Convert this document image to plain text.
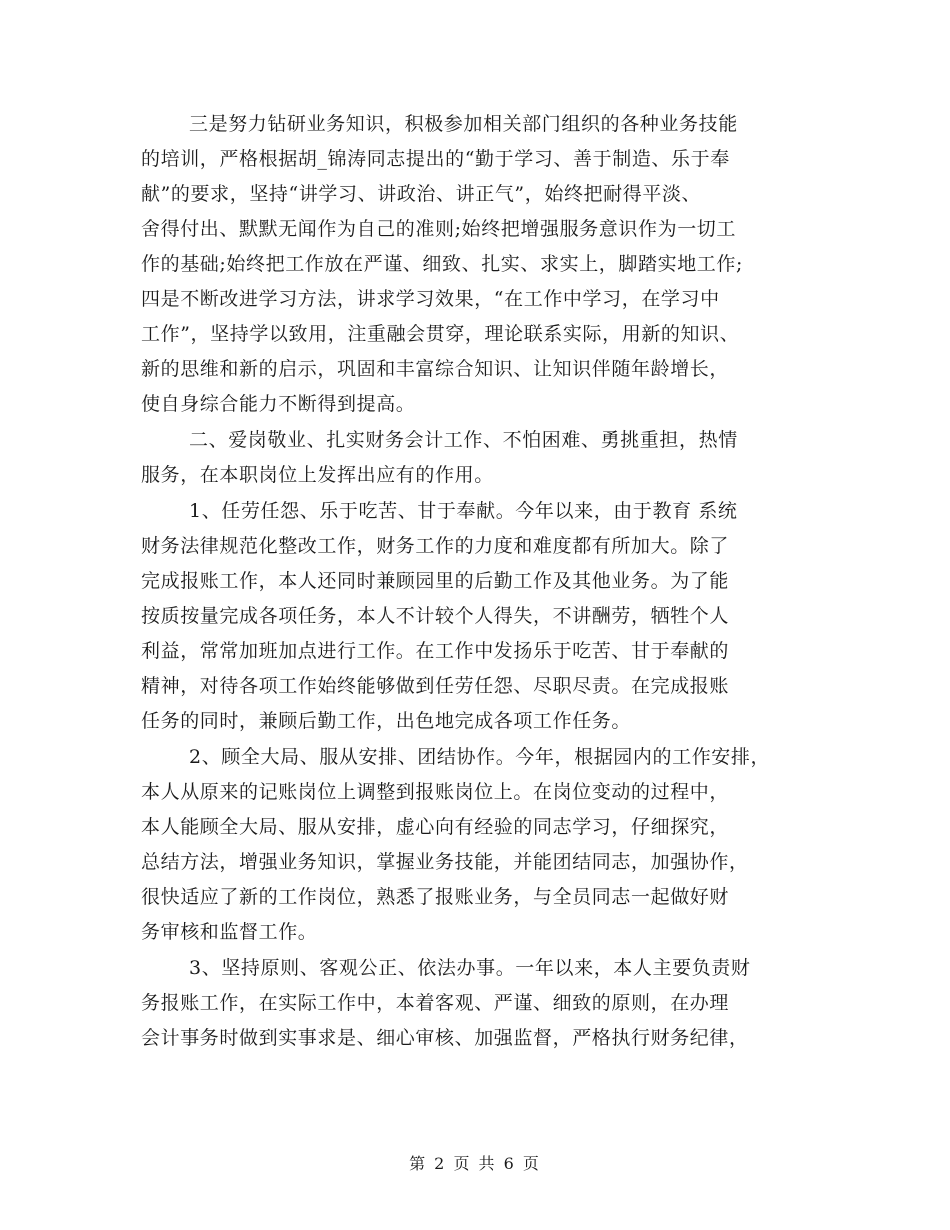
三是努力钻研业务知识，积极参加相关部门组织的各种业务技能
的培训，严格根据胡_锦涛同志提出的“勤于学习、善于制造、乐于奉
献”的要求，坚持“讲学习、讲政治、讲正气”，始终把耐得平淡、
舍得付出、默默无闻作为自己的准则;始终把增强服务意识作为一切工
作的基础;始终把工作放在严谨、细致、扎实、求实上，脚踏实地工作;
四是不断改进学习方法，讲求学习效果，“在工作中学习，在学习中
工作”，坚持学以致用，注重融会贯穿，理论联系实际，用新的知识、
新的思维和新的启示，巩固和丰富综合知识、让知识伴随年龄增长，
使自身综合能力不断得到提高。
二、爱岗敬业、扎实财务会计工作、不怕困难、勇挑重担，热情
服务，在本职岗位上发挥出应有的作用。
1、任劳任怨、乐于吃苦、甘于奉献。今年以来，由于教育 系统
财务法律规范化整改工作，财务工作的力度和难度都有所加大。除了
完成报账工作，本人还同时兼顾园里的后勤工作及其他业务。为了能
按质按量完成各项任务，本人不计较个人得失，不讲酬劳，牺牲个人
利益，常常加班加点进行工作。在工作中发扬乐于吃苦、甘于奉献的
精神，对待各项工作始终能够做到任劳任怨、尽职尽责。在完成报账
任务的同时，兼顾后勤工作，出色地完成各项工作任务。
2、顾全大局、服从安排、团结协作。今年，根据园内的工作安排，
本人从原来的记账岗位上调整到报账岗位上。在岗位变动的过程中，
本人能顾全大局、服从安排，虚心向有经验的同志学习，仔细探究，
总结方法，增强业务知识，掌握业务技能，并能团结同志，加强协作，
很快适应了新的工作岗位，熟悉了报账业务，与全员同志一起做好财
务审核和监督工作。
3、坚持原则、客观公正、依法办事。一年以来，本人主要负责财
务报账工作，在实际工作中，本着客观、严谨、细致的原则，在办理
会计事务时做到实事求是、细心审核、加强监督，严格执行财务纪律，
第 2 页 共 6 页
